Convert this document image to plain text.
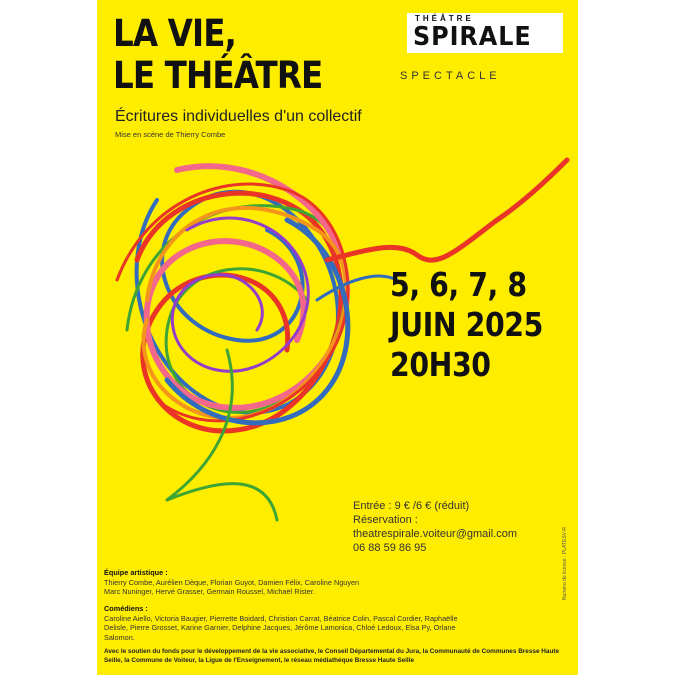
LA VIE,
LE THÉÂTRE
Écritures individuelles d'un collectif
Mise en scène de Thierry Combe
THÉÂTRE
SPIRALE
SPECTACLE
5, 6, 7, 8
JUIN 2025
20H30
Entrée : 9 € /6 € (réduit)
Réservation :
theatrespirale.voiteur@gmail.com
06 88 59 86 95
Équipe artistique :
Thierry Combe, Aurélien Dèque, Florian Guyot, Damien Félix, Caroline Nguyen
Marc Nuninger, Hervé Grasser, Germain Roussel, Michaël Rister.
Comédiens :
Caroline Aiello, Victoria Baugier, Pierrette Boidard, Christian Carrat, Béatrice Colin, Pascal Cordier, Raphaëlle
Delisle, Pierre Grosset, Karine Garnier, Delphine Jacques, Jérôme Lamonica, Chloé Ledoux, Elsa Py, Orlane
Salomon.
Avec le soutien du fonds pour le développement de la vie associative, le Conseil Départemental du Jura, la Communauté de Communes Bresse Haute Seille, la Commune de Voiteur, la Ligue de l'Enseignement, le réseau médiathèque Bresse Haute Seille
Numéro de licence : PLATESV-R
